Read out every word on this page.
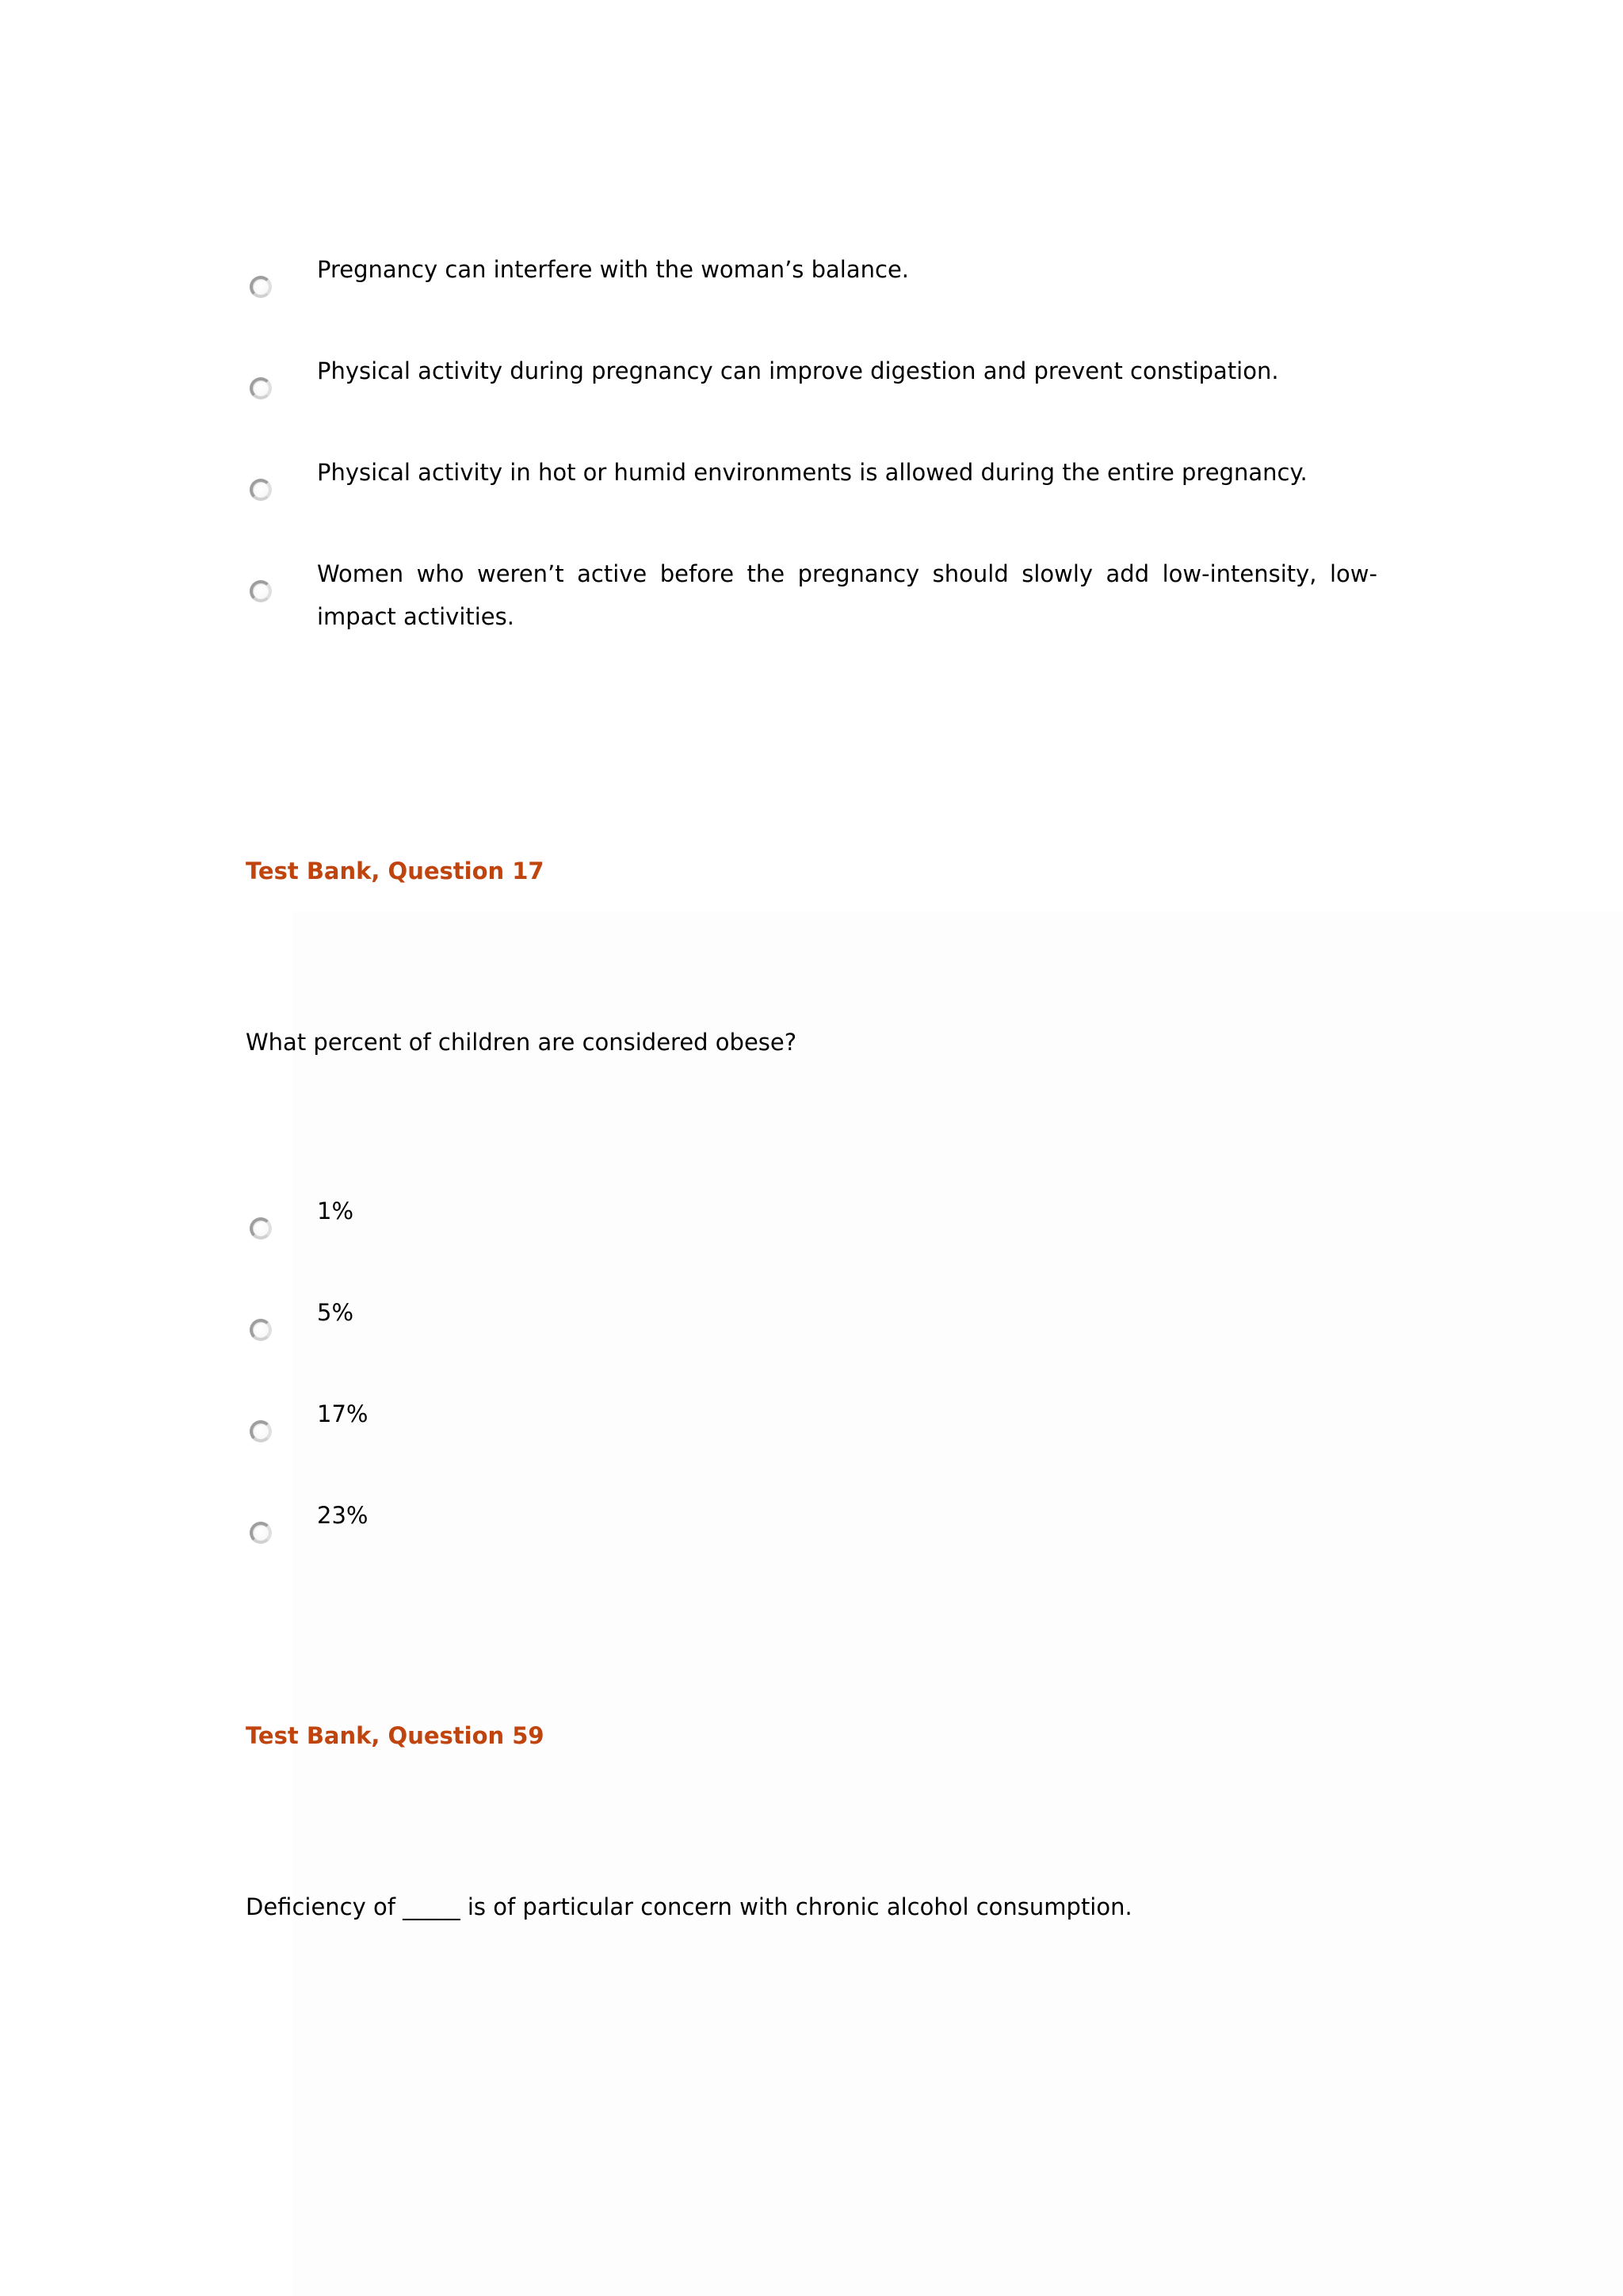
Pregnancy can interfere with the woman’s balance.
Physical activity during pregnancy can improve digestion and prevent constipation.
Physical activity in hot or humid environments is allowed during the entire pregnancy.
Women who weren’t active before the pregnancy should slowly add low-intensity, low-impact activities.
Test Bank, Question 17
What percent of children are considered obese?
1%
5%
17%
23%
Test Bank, Question 59
Deficiency of _____ is of particular concern with chronic alcohol consumption.
